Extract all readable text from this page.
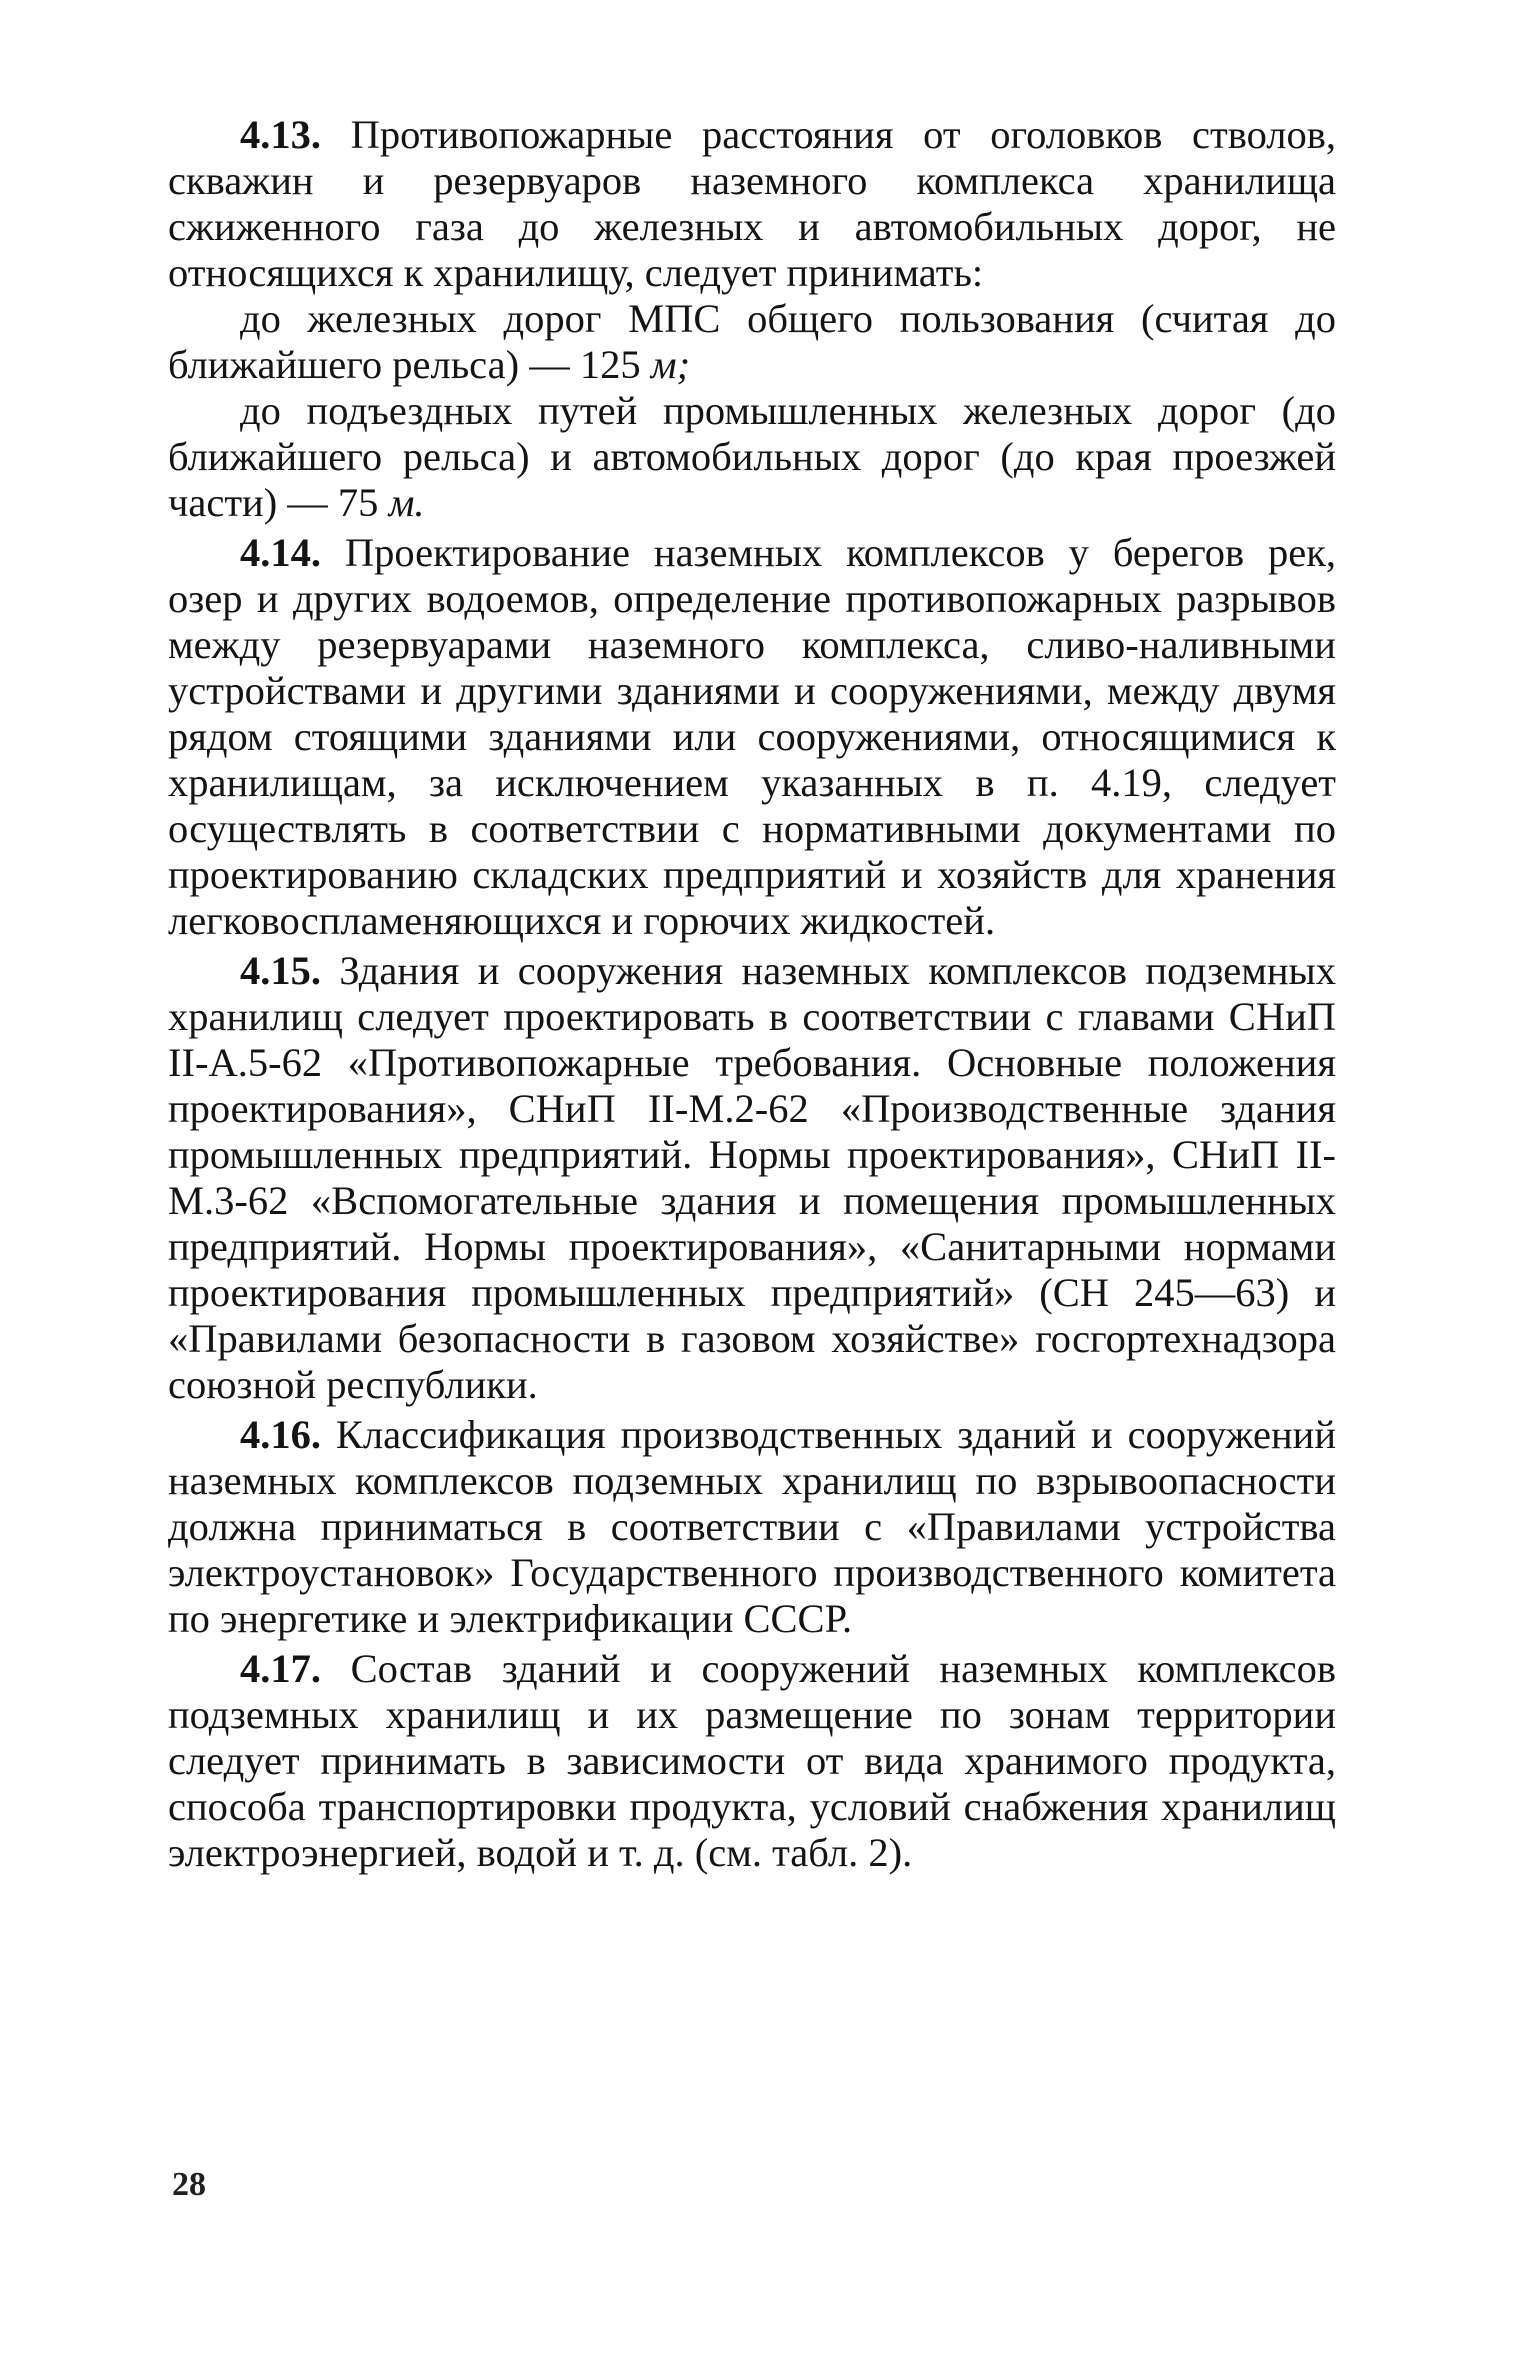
4.13. Противопожарные расстояния от оголовков стволов, скважин и резервуаров наземного комплекса хранилища сжиженного газа до железных и автомобильных дорог, не относящихся к хранилищу, следует принимать:

до железных дорог МПС общего пользования (считая до ближайшего рельса) — 125 м;

до подъездных путей промышленных железных дорог (до ближайшего рельса) и автомобильных дорог (до края проезжей части) — 75 м.

4.14. Проектирование наземных комплексов у берегов рек, озер и других водоемов, определение противопожарных разрывов между резервуарами наземного комплекса, сливо-наливными устройствами и другими зданиями и сооружениями, между двумя рядом стоящими зданиями или сооружениями, относящимися к хранилищам, за исключением указанных в п. 4.19, следует осуществлять в соответствии с нормативными документами по проектированию складских предприятий и хозяйств для хранения легковоспламеняющихся и горючих жидкостей.

4.15. Здания и сооружения наземных комплексов подземных хранилищ следует проектировать в соответствии с главами СНиП II-А.5-62 «Противопожарные требования. Основные положения проектирования», СНиП II-М.2-62 «Производственные здания промышленных предприятий. Нормы проектирования», СНиП II-М.3-62 «Вспомогательные здания и помещения промышленных предприятий. Нормы проектирования», «Санитарными нормами проектирования промышленных предприятий» (СН 245—63) и «Правилами безопасности в газовом хозяйстве» госгортехнадзора союзной республики.

4.16. Классификация производственных зданий и сооружений наземных комплексов подземных хранилищ по взрывоопасности должна приниматься в соответствии с «Правилами устройства электроустановок» Государственного производственного комитета по энергетике и электрификации СССР.

4.17. Состав зданий и сооружений наземных комплексов подземных хранилищ и их размещение по зонам территории следует принимать в зависимости от вида хранимого продукта, способа транспортировки продукта, условий снабжения хранилищ электроэнергией, водой и т. д. (см. табл. 2).

28
